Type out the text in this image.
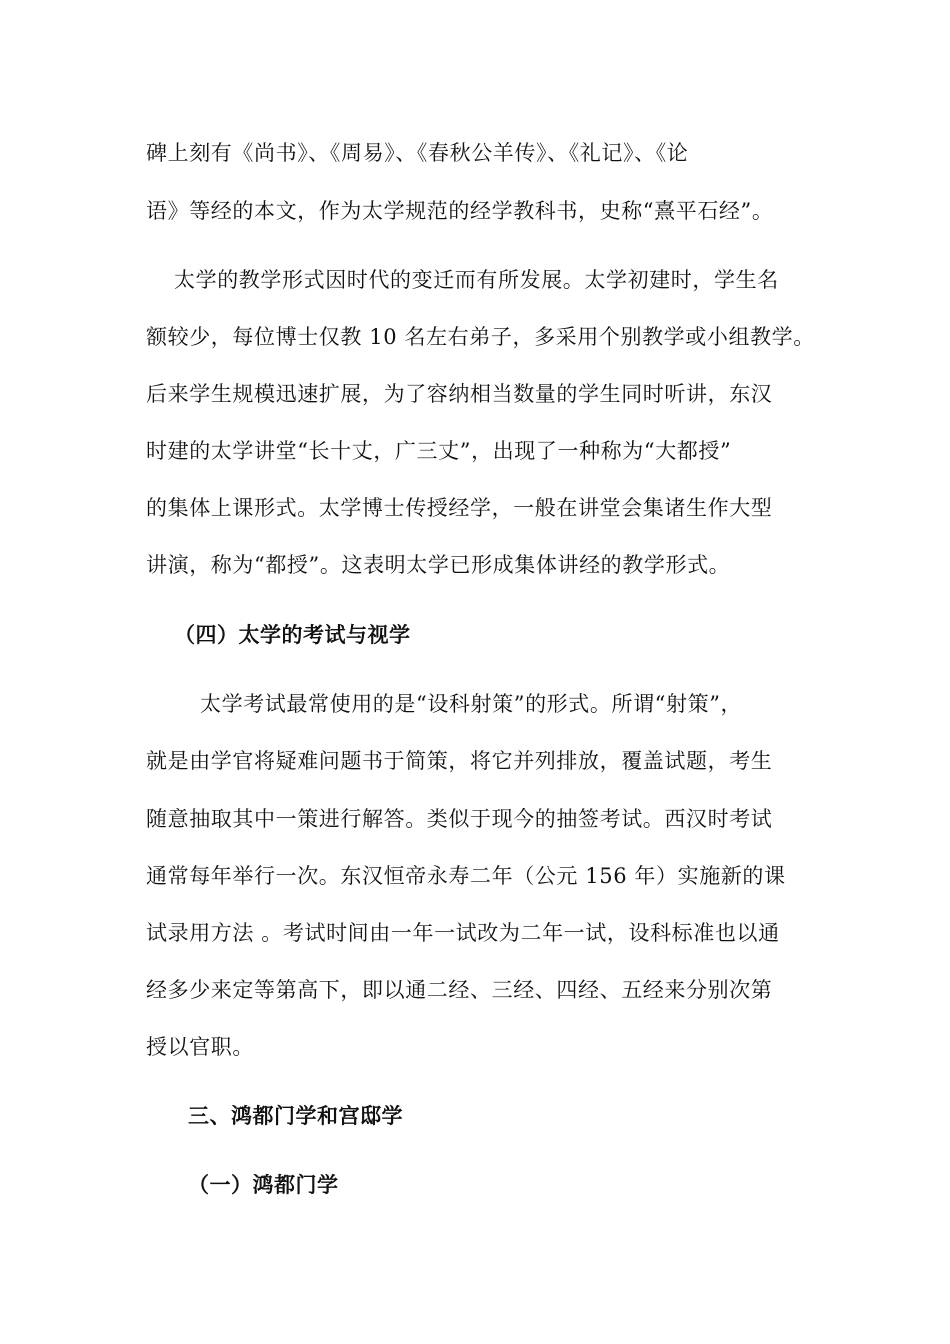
碑上刻有《尚书》、《周易》、《春秋公羊传》、《礼记》、《论
语》等经的本文，作为太学规范的经学教科书，史称“熹平石经”。
太学的教学形式因时代的变迁而有所发展。太学初建时，学生名
额较少，每位博士仅教 10 名左右弟子，多采用个别教学或小组教学。
后来学生规模迅速扩展，为了容纳相当数量的学生同时听讲，东汉
时建的太学讲堂“长十丈，广三丈”，出现了一种称为“大都授”
的集体上课形式。太学博士传授经学，一般在讲堂会集诸生作大型
讲演，称为“都授”。这表明太学已形成集体讲经的教学形式。
（四）太学的考试与视学
太学考试最常使用的是“设科射策”的形式。所谓“射策”，
就是由学官将疑难问题书于简策，将它并列排放，覆盖试题，考生
随意抽取其中一策进行解答。类似于现今的抽签考试。西汉时考试
通常每年举行一次。东汉恒帝永寿二年（公元 156 年）实施新的课
试录用方法 。考试时间由一年一试改为二年一试，设科标准也以通
经多少来定等第高下，即以通二经、三经、四经、五经来分别次第
授以官职。
三、鸿都门学和宫邸学
（一）鸿都门学
